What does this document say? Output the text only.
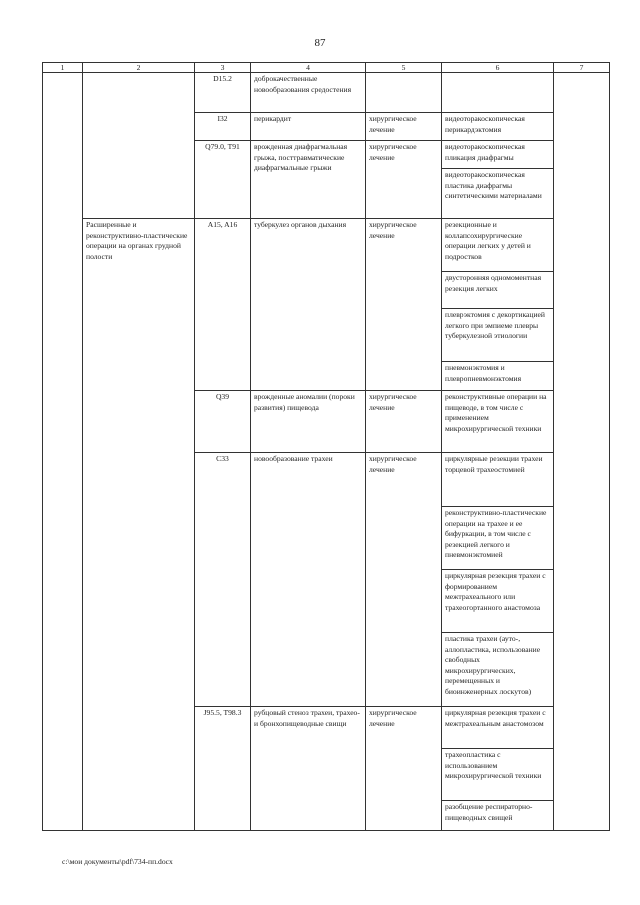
87
1	2	3	4	5	6	7
		D15.2	доброкачественные новообразования средостения			
		I32	перикардит	хирургическое лечение	видеоторакоскопическая перикардэктомия	
		Q79.0, T91	врожденная диафрагмальная грыжа, посттравматические диафрагмальные грыжи	хирургическое лечение	видеоторакоскопическая пликация диафрагмы	
					видеоторакоскопическая пластика диафрагмы синтетическими материалами	
	Расширенные и реконструктивно-пластические операции на органах грудной полости	A15, A16	туберкулез органов дыхания	хирургическое лечение	резекционные и коллапсохирургические операции легких у детей и подростков	
					двусторонняя одномоментная резекция легких	
					плеврэктомия с декортикацией легкого при эмпиеме плевры туберкулезной этиологии	
					пневмонэктомия и плевропневмонэктомия	
		Q39	врожденные аномалии (пороки развития) пищевода	хирургическое лечение	реконструктивные операции на пищеводе, в том числе с применением микрохирургической техники	
		C33	новообразование трахеи	хирургическое лечение	циркулярные резекции трахеи торцевой трахеостомией	
					реконструктивно-пластические операции на трахее и ее бифуркации, в том числе с резекцией легкого и пневмонэктомией	
					циркулярная резекция трахеи с формированием межтрахеального или трахеогортанного анастомоза	
					пластика трахеи (ауто-, аллопластика, использование свободных микрохирургических, перемещенных и биоинженерных лоскутов)	
		J95.5, T98.3	рубцовый стеноз трахеи, трахео- и бронхопищеводные свищи	хирургическое лечение	циркулярная резекция трахеи с межтрахеальным анастомозом	
					трахеопластика с использованием микрохирургической техники	
					разобщение респираторно-пищеводных свищей	
c:\мои документы\pdf\734-пп.docx
